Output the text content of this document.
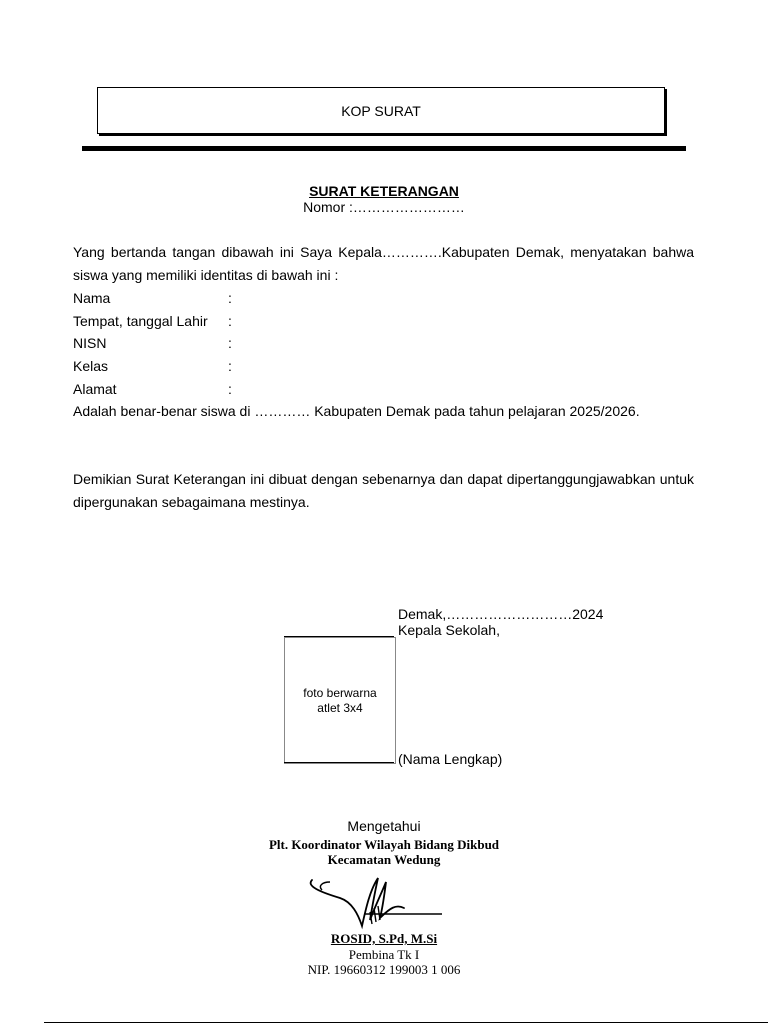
KOP SURAT
SURAT KETERANGAN
Nomor :……………………
Yang bertanda tangan dibawah ini Saya Kepala………….Kabupaten Demak, menyatakan bahwa siswa yang memiliki identitas di bawah ini :
Nama	:
Tempat, tanggal Lahir :
NISN	:
Kelas	:
Alamat	:
Adalah benar-benar siswa di ………… Kabupaten Demak pada tahun pelajaran 2025/2026.
Demikian Surat Keterangan ini dibuat dengan sebenarnya dan dapat dipertanggungjawabkan untuk dipergunakan sebagaimana mestinya.
Demak,………………………2024
Kepala Sekolah,
(Nama Lengkap)
foto berwarna
atlet 3x4
Mengetahui
Plt. Koordinator Wilayah Bidang Dikbud
Kecamatan Wedung
ROSID, S.Pd, M.Si
Pembina Tk I
NIP. 19660312 199003 1 006
